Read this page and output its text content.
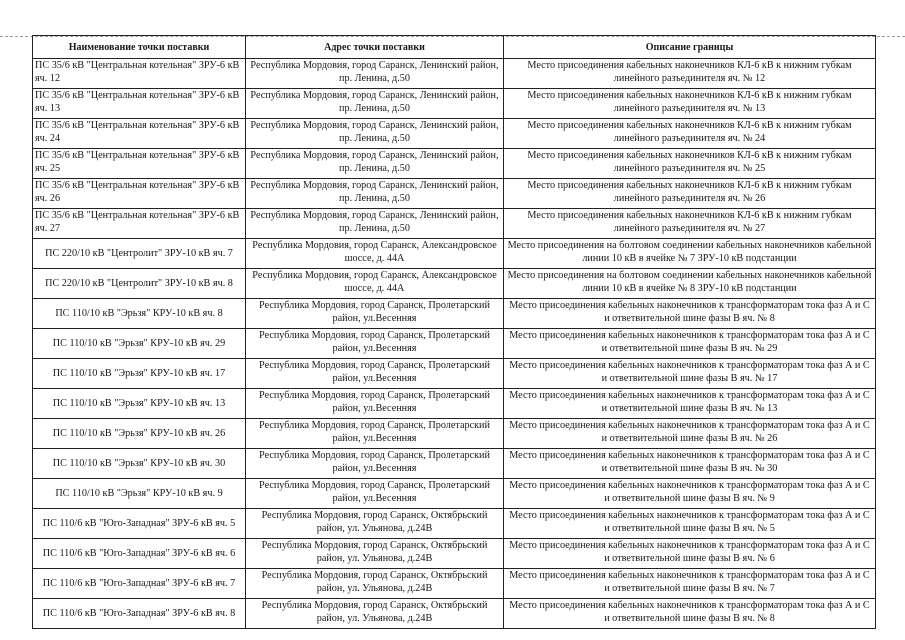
Наименование точки поставки	Адрес точки поставки	Описание границы
ПС 35/6 кВ "Центральная котельная" ЗРУ-6 кВ яч. 12	Республика Мордовия, город Саранск, Ленинский район, пр. Ленина, д.50	Место присоединения кабельных наконечников КЛ-6 кВ к нижним губкам линейного разъединителя яч. № 12
ПС 35/6 кВ "Центральная котельная" ЗРУ-6 кВ яч. 13	Республика Мордовия, город Саранск, Ленинский район, пр. Ленина, д.50	Место присоединения кабельных наконечников КЛ-6 кВ к нижним губкам линейного разъединителя яч. № 13
ПС 35/6 кВ "Центральная котельная" ЗРУ-6 кВ яч. 24	Республика Мордовия, город Саранск, Ленинский район, пр. Ленина, д.50	Место присоединения кабельных наконечников КЛ-6 кВ к нижним губкам линейного разъединителя яч. № 24
ПС 35/6 кВ "Центральная котельная" ЗРУ-6 кВ яч. 25	Республика Мордовия, город Саранск, Ленинский район, пр. Ленина, д.50	Место присоединения кабельных наконечников КЛ-6 кВ к нижним губкам линейного разъединителя яч. № 25
ПС 35/6 кВ "Центральная котельная" ЗРУ-6 кВ яч. 26	Республика Мордовия, город Саранск, Ленинский район, пр. Ленина, д.50	Место присоединения кабельных наконечников КЛ-6 кВ к нижним губкам линейного разъединителя яч. № 26
ПС 35/6 кВ "Центральная котельная" ЗРУ-6 кВ яч. 27	Республика Мордовия, город Саранск, Ленинский район, пр. Ленина, д.50	Место присоединения кабельных наконечников КЛ-6 кВ к нижним губкам линейного разъединителя яч. № 27
ПС 220/10 кВ "Центролит" ЗРУ-10 кВ яч. 7	Республика Мордовия, город Саранск, Александровское шоссе, д. 44А	Место присоединения на болтовом соединении кабельных наконечников кабельной линии 10 кВ в ячейке № 7 ЗРУ-10 кВ подстанции
ПС 220/10 кВ "Центролит" ЗРУ-10 кВ яч. 8	Республика Мордовия, город Саранск, Александровское шоссе, д. 44А	Место присоединения на болтовом соединении кабельных наконечников кабельной линии 10 кВ в ячейке № 8 ЗРУ-10 кВ подстанции
ПС 110/10 кВ "Эрьзя" КРУ-10 кВ яч. 8	Республика Мордовия, город Саранск, Пролетарский район, ул.Весенняя	Место присоединения кабельных наконечников к трансформаторам тока фаз А и С и ответвительной шине фазы В яч. № 8
ПС 110/10 кВ "Эрьзя" КРУ-10 кВ яч. 29	Республика Мордовия, город Саранск, Пролетарский район, ул.Весенняя	Место присоединения кабельных наконечников к трансформаторам тока фаз А и С и ответвительной шине фазы В яч. № 29
ПС 110/10 кВ "Эрьзя" КРУ-10 кВ яч. 17	Республика Мордовия, город Саранск, Пролетарский район, ул.Весенняя	Место присоединения кабельных наконечников к трансформаторам тока фаз А и С и ответвительной шине фазы В яч. № 17
ПС 110/10 кВ "Эрьзя" КРУ-10 кВ яч. 13	Республика Мордовия, город Саранск, Пролетарский район, ул.Весенняя	Место присоединения кабельных наконечников к трансформаторам тока фаз А и С и ответвительной шине фазы В яч. № 13
ПС 110/10 кВ "Эрьзя" КРУ-10 кВ яч. 26	Республика Мордовия, город Саранск, Пролетарский район, ул.Весенняя	Место присоединения кабельных наконечников к трансформаторам тока фаз А и С и ответвительной шине фазы В яч. № 26
ПС 110/10 кВ "Эрьзя" КРУ-10 кВ яч. 30	Республика Мордовия, город Саранск, Пролетарский район, ул.Весенняя	Место присоединения кабельных наконечников к трансформаторам тока фаз А и С и ответвительной шине фазы В яч. № 30
ПС 110/10 кВ "Эрьзя" КРУ-10 кВ яч. 9	Республика Мордовия, город Саранск, Пролетарский район, ул.Весенняя	Место присоединения кабельных наконечников к трансформаторам тока фаз А и С и ответвительной шине фазы В яч. № 9
ПС 110/6 кВ "Юго-Западная" ЗРУ-6 кВ яч. 5	Республика Мордовия, город Саранск, Октябрьский район, ул. Ульянова, д.24В	Место присоединения кабельных наконечников к трансформаторам тока фаз А и С и ответвительной шине фазы В яч. № 5
ПС 110/6 кВ "Юго-Западная" ЗРУ-6 кВ яч. 6	Республика Мордовия, город Саранск, Октябрьский район, ул. Ульянова, д.24В	Место присоединения кабельных наконечников к трансформаторам тока фаз А и С и ответвительной шине фазы В яч. № 6
ПС 110/6 кВ "Юго-Западная" ЗРУ-6 кВ яч. 7	Республика Мордовия, город Саранск, Октябрьский район, ул. Ульянова, д.24В	Место присоединения кабельных наконечников к трансформаторам тока фаз А и С и ответвительной шине фазы В яч. № 7
ПС 110/6 кВ "Юго-Западная" ЗРУ-6 кВ яч. 8	Республика Мордовия, город Саранск, Октябрьский район, ул. Ульянова, д.24В	Место присоединения кабельных наконечников к трансформаторам тока фаз А и С и ответвительной шине фазы В яч. № 8
